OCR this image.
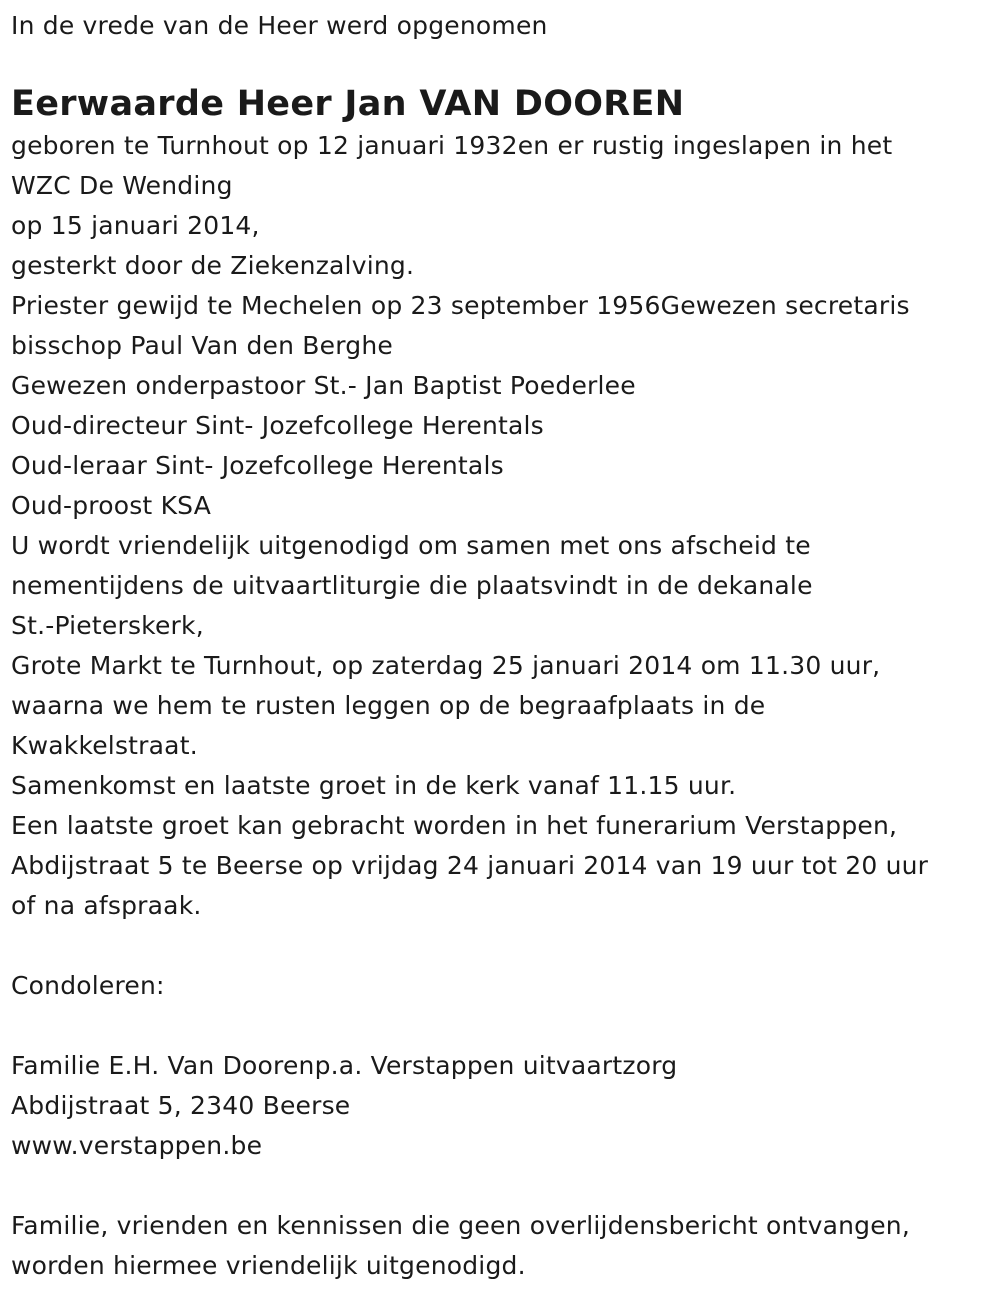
In de vrede van de Heer werd opgenomen

Eerwaarde Heer Jan VAN DOOREN

geboren te Turnhout op 12 januari 1932en er rustig ingeslapen in het

WZC De Wending

op 15 januari 2014,

gesterkt door de Ziekenzalving.

Priester gewijd te Mechelen op 23 september 1956Gewezen secretaris

bisschop Paul Van den Berghe

Gewezen onderpastoor St.- Jan Baptist Poederlee

Oud-directeur Sint- Jozefcollege Herentals

Oud-leraar Sint- Jozefcollege Herentals

Oud-proost KSA

U wordt vriendelijk uitgenodigd om samen met ons afscheid te

nementijdens de uitvaartliturgie die plaatsvindt in de dekanale

St.-Pieterskerk,

Grote Markt te Turnhout, op zaterdag 25 januari 2014 om 11.30 uur,

waarna we hem te rusten leggen op de begraafplaats in de

Kwakkelstraat.

Samenkomst en laatste groet in de kerk vanaf 11.15 uur.

Een laatste groet kan gebracht worden in het funerarium Verstappen,

Abdijstraat 5 te Beerse op vrijdag 24 januari 2014 van 19 uur tot 20 uur

of na afspraak.

Condoleren:

Familie E.H. Van Doorenp.a. Verstappen uitvaartzorg

Abdijstraat 5, 2340 Beerse

www.verstappen.be

Familie, vrienden en kennissen die geen overlijdensbericht ontvangen,

worden hiermee vriendelijk uitgenodigd.
